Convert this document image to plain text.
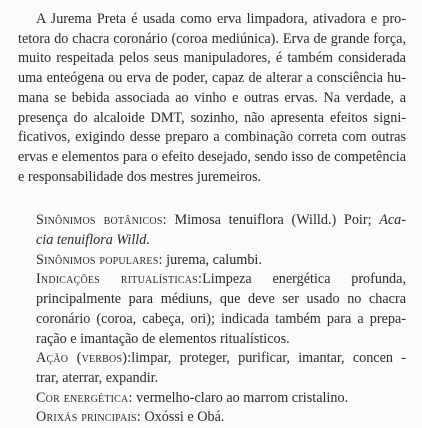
A Jurema Preta é usada como erva limpadora, ativadora e pro-
tetora do chacra coronário (coroa mediúnica). Erva de grande força,
muito respeitada pelos seus manipuladores, é também considerada
uma enteógena ou erva de poder, capaz de alterar a consciência hu-
mana se bebida associada ao vinho e outras ervas. Na verdade, a
presença do alcaloide DMT, sozinho, não apresenta efeitos signi-
ficativos, exigindo desse preparo a combinação correta com outras
ervas e elementos para o efeito desejado, sendo isso de competência
e responsabilidade dos mestres juremeiros.
Sinônimos botânicos: Mimosa tenuiflora (Willd.) Poir; Aca-
cia tenuiflora Willd.
Sinônimos populares: jurema, calumbi.
Indicações ritualísticas:Limpeza energética profunda,
principalmente para médiuns, que deve ser usado no chacra
coronário (coroa, cabeça, ori); indicada também para a prepa-
ração e imantação de elementos ritualísticos.
Ação (verbos):limpar, proteger, purificar, imantar, concen -
trar, aterrar, expandir.
Cor energética: vermelho-claro ao marrom cristalino.
Orixás principais: Oxóssi e Obá.
